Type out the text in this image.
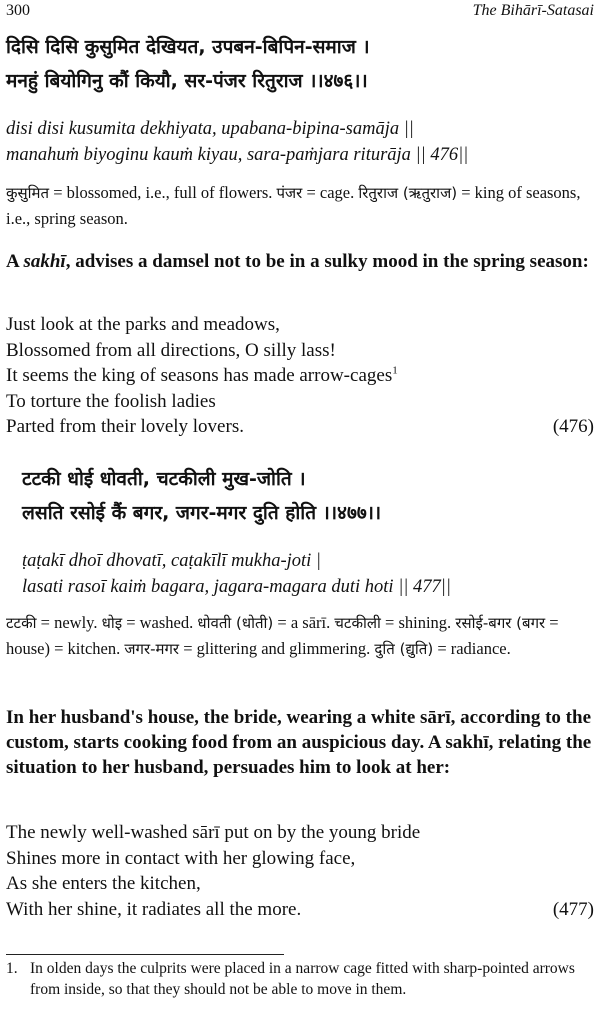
300	The Bihārī-Satasai
दिसि दिसि कुसुमित देखियत, उपबन-बिपिन-समाज ।
मनहुं बियोगिनु कौं कियौ, सर-पंजर रितुराज ।।४७६।।
disi disi kusumita dekhiyata, upabana-bipina-samāja ||
manahuṁ biyoginu kauṁ kiyau, sara-paṁjara riturāja || 476||
कुसुमित = blossomed, i.e., full of flowers. पंजर = cage. रितुराज (ऋतुराज) = king of seasons, i.e., spring season.
A sakhī, advises a damsel not to be in a sulky mood in the spring season:
Just look at the parks and meadows,
Blossomed from all directions, O silly lass!
It seems the king of seasons has made arrow-cages$^1$
To torture the foolish ladies
Parted from their lovely lovers.	(476)
टटकी धोई धोवती, चटकीली मुख-जोति ।
लसति रसोई कैं बगर, जगर-मगर दुति होति ।।४७७।।
ṭaṭakī dhoī dhovatī, caṭakīlī mukha-joti |
lasati rasoī kaiṁ bagara, jagara-magara duti hoti || 477||
टटकी = newly. धोइ = washed. धोवती (धोती) = a sārī. चटकीली = shining. रसोई-बगर (बगर = house) = kitchen. जगर-मगर = glittering and glimmering. दुति (द्युति) = radiance.
In her husband's house, the bride, wearing a white sārī, according to the custom, starts cooking food from an auspicious day. A sakhī, relating the situation to her husband, persuades him to look at her:
The newly well-washed sārī put on by the young bride
Shines more in contact with her glowing face,
As she enters the kitchen,
With her shine, it radiates all the more.	(477)
1. In olden days the culprits were placed in a narrow cage fitted with sharp-pointed arrows from inside, so that they should not be able to move in them.
